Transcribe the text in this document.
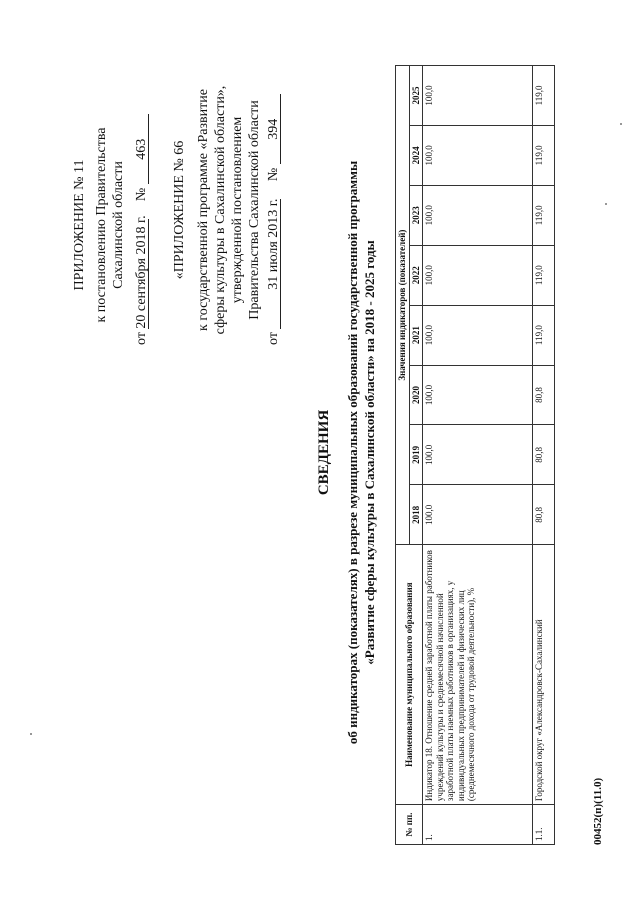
ПРИЛОЖЕНИЕ № 11 к постановлению Правительства Сахалинской области
от 20 сентября 2018 г. № 463 «ПРИЛОЖЕНИЕ № 66 к государственной программе «Развитие сферы культуры в Сахалинской области», утвержденной постановлением Правительства Сахалинской области
от 31 июля 2013 г. № 394
СВЕДЕНИЯ об индикаторах (показателях) в разрезе муниципальных образований государственной программы «Развитие сферы культуры в Сахалинской области» на 2018 - 2025 годы
№ пп.	Наименование муниципального образования	Значения индикаторов (показателей)							
		2018	2019	2020	2021	2022	2023	2024	2025
1.	Индикатор 18. Отношение средней заработной платы работников учреждений культуры и среднемесячной начисленной заработной платы наемных работников в организациях, у индивидуальных предпринимателей и физических лиц (среднемесячного дохода от трудовой деятельности), %	100,0	100,0	100,0	100,0	100,0	100,0	100,0	100,0
1.1.	Городской округ «Александровск-Сахалинский	80,8	80,8	80,8	119,0	119,0	119,0	119,0	119,0
00452(п)(11.0)
